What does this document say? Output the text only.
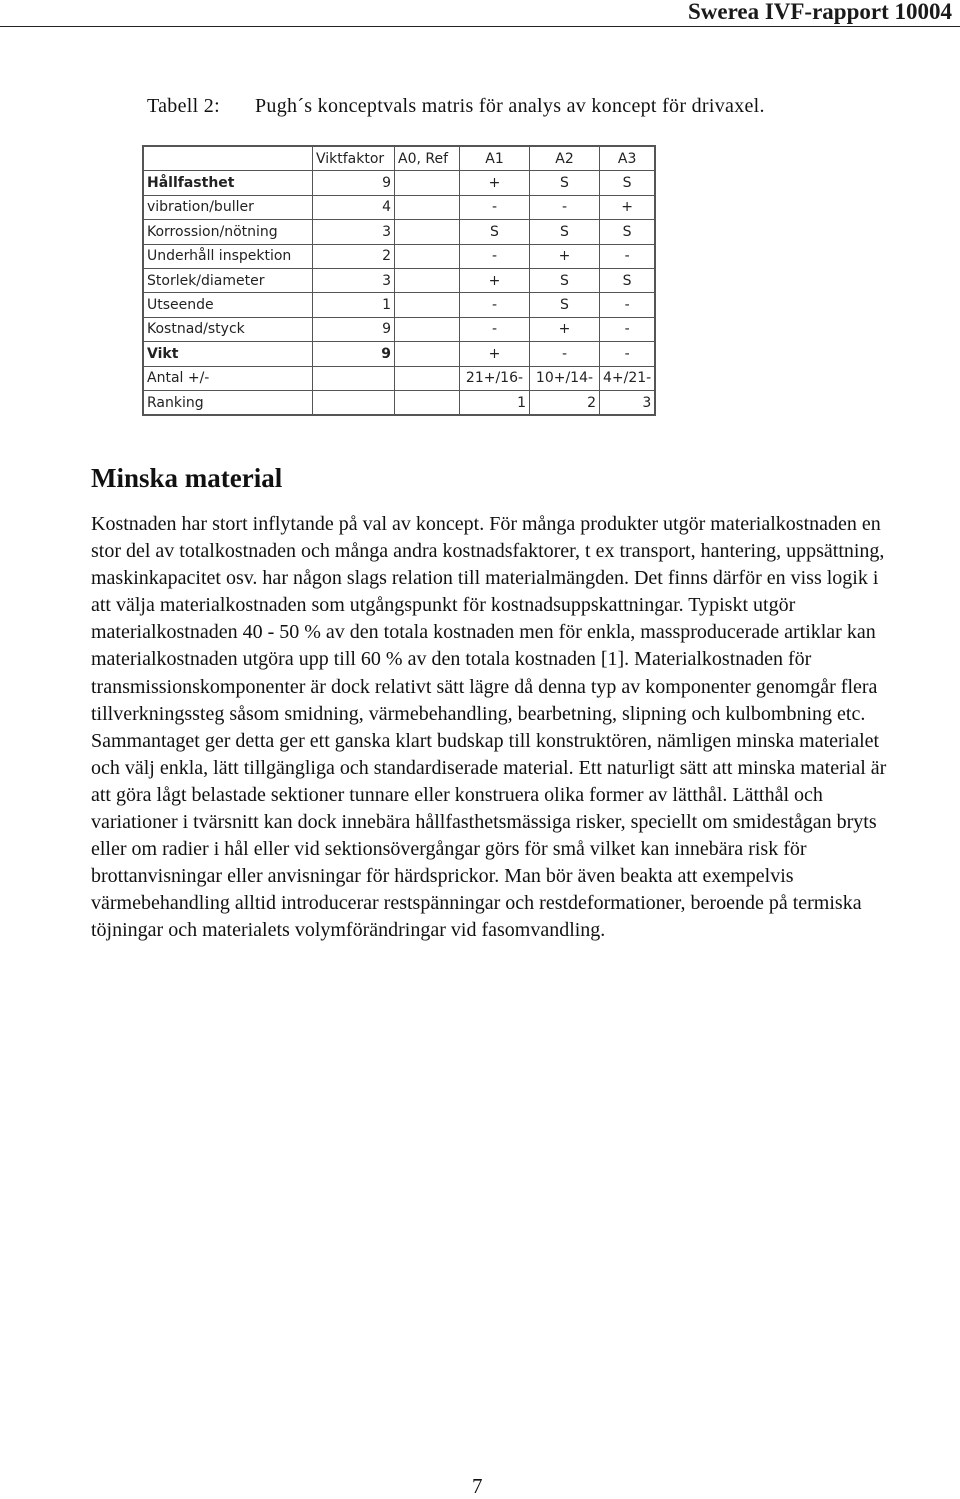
Swerea IVF-rapport 10004
Tabell 2: Pugh´s konceptvals matris för analys av koncept för drivaxel.
	Viktfaktor	A0, Ref	A1	A2	A3
Hållfasthet	9		+	S	S
vibration/buller	4		-	-	+
Korrossion/nötning	3		S	S	S
Underhåll inspektion	2		-	+	-
Storlek/diameter	3		+	S	S
Utseende	1		-	S	-
Kostnad/styck	9		-	+	-
Vikt	9		+	-	-
Antal +/-			21+/16-	10+/14-	4+/21-
Ranking			1	2	3
Minska material

Kostnaden har stort inflytande på val av koncept. För många produkter utgör materialkostnaden en stor del av totalkostnaden och många andra kostnadsfaktorer, t ex transport, hantering, uppsättning, maskinkapacitet osv. har någon slags relation till materialmängden. Det finns därför en viss logik i att välja materialkostnaden som utgångspunkt för kostnadsuppskattningar. Typiskt utgör materialkostnaden 40 - 50 % av den totala kostnaden men för enkla, massproducerade artiklar kan materialkostnaden utgöra upp till 60 % av den totala kostnaden [1]. Materialkostnaden för transmissionskomponenter är dock relativt sätt lägre då denna typ av komponenter genomgår flera tillverkningssteg såsom smidning, värmebehandling, bearbetning, slipning och kulbombning etc. Sammantaget ger detta ger ett ganska klart budskap till konstruktören, nämligen minska materialet och välj enkla, lätt tillgängliga och standardiserade material. Ett naturligt sätt att minska material är att göra lågt belastade sektioner tunnare eller konstruera olika former av lätthål. Lätthål och variationer i tvärsnitt kan dock innebära hållfasthetsmässiga risker, speciellt om smidestågan bryts eller om radier i hål eller vid sektionsövergångar görs för små vilket kan innebära risk för brottanvisningar eller anvisningar för härdsprickor. Man bör även beakta att exempelvis värmebehandling alltid introducerar restspänningar och restdeformationer, beroende på termiska töjningar och materialets volymförändringar vid fasomvandling.

7
